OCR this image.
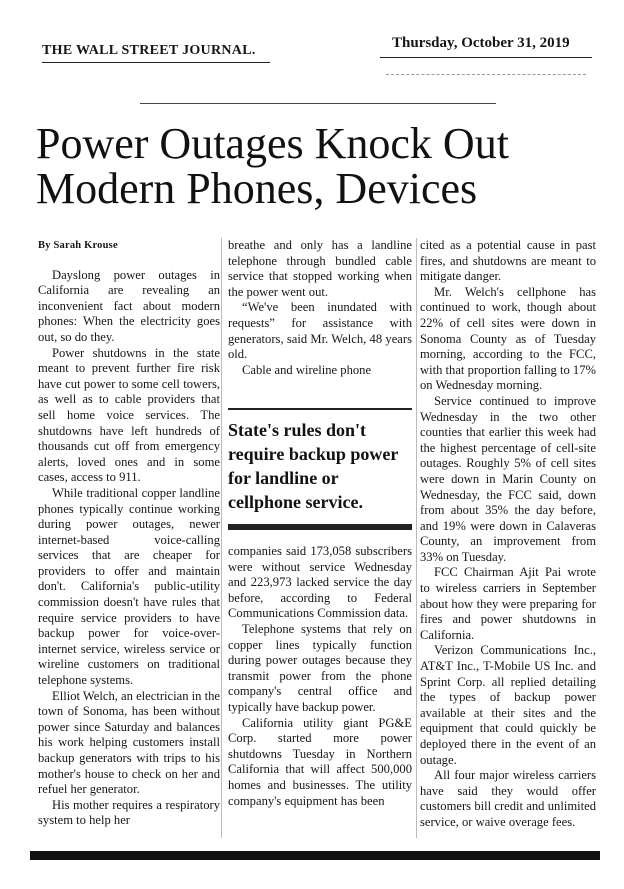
THE WALL STREET JOURNAL.	Thursday, October 31, 2019
Power Outages Knock Out Modern Phones, Devices
By Sarah Krouse

Dayslong power outages in California are revealing an inconvenient fact about modern phones: When the electricity goes out, so do they.

Power shutdowns in the state meant to prevent further fire risk have cut power to some cell towers, as well as to cable providers that sell home voice services. The shutdowns have left hundreds of thousands cut off from emergency alerts, loved ones and in some cases, access to 911.

While traditional copper landline phones typically continue working during power outages, newer internet-based voice-calling services that are cheaper for providers to offer and maintain don't. California's public-utility commission doesn't have rules that require service providers to have backup power for voice-over-internet service, wireless service or wireline customers on traditional telephone systems.

Elliot Welch, an electrician in the town of Sonoma, has been without power since Saturday and balances his work helping customers install backup generators with trips to his mother's house to check on her and refuel her generator.

His mother requires a respiratory system to help her

breathe and only has a landline telephone through bundled cable service that stopped working when the power went out.

“We've been inundated with requests” for assistance with generators, said Mr. Welch, 48 years old.

Cable and wireline phone

State's rules don't require backup power for landline or cellphone service.

companies said 173,058 subscribers were without service Wednesday and 223,973 lacked service the day before, according to Federal Communications Commission data.

Telephone systems that rely on copper lines typically function during power outages because they transmit power from the phone company's central office and typically have backup power.

California utility giant PG&E Corp. started more power shutdowns Tuesday in Northern California that will affect 500,000 homes and businesses. The utility company's equipment has been

cited as a potential cause in past fires, and shutdowns are meant to mitigate danger.

Mr. Welch's cellphone has continued to work, though about 22% of cell sites were down in Sonoma County as of Tuesday morning, according to the FCC, with that proportion falling to 17% on Wednesday morning.

Service continued to improve Wednesday in the two other counties that earlier this week had the highest percentage of cell-site outages. Roughly 5% of cell sites were down in Marin County on Wednesday, the FCC said, down from about 35% the day before, and 19% were down in Calaveras County, an improvement from 33% on Tuesday.

FCC Chairman Ajit Pai wrote to wireless carriers in September about how they were preparing for fires and power shutdowns in California.

Verizon Communications Inc., AT&T Inc., T-Mobile US Inc. and Sprint Corp. all replied detailing the types of backup power available at their sites and the equipment that could quickly be deployed there in the event of an outage.

All four major wireless carriers have said they would offer customers bill credit and unlimited service, or waive overage fees.
